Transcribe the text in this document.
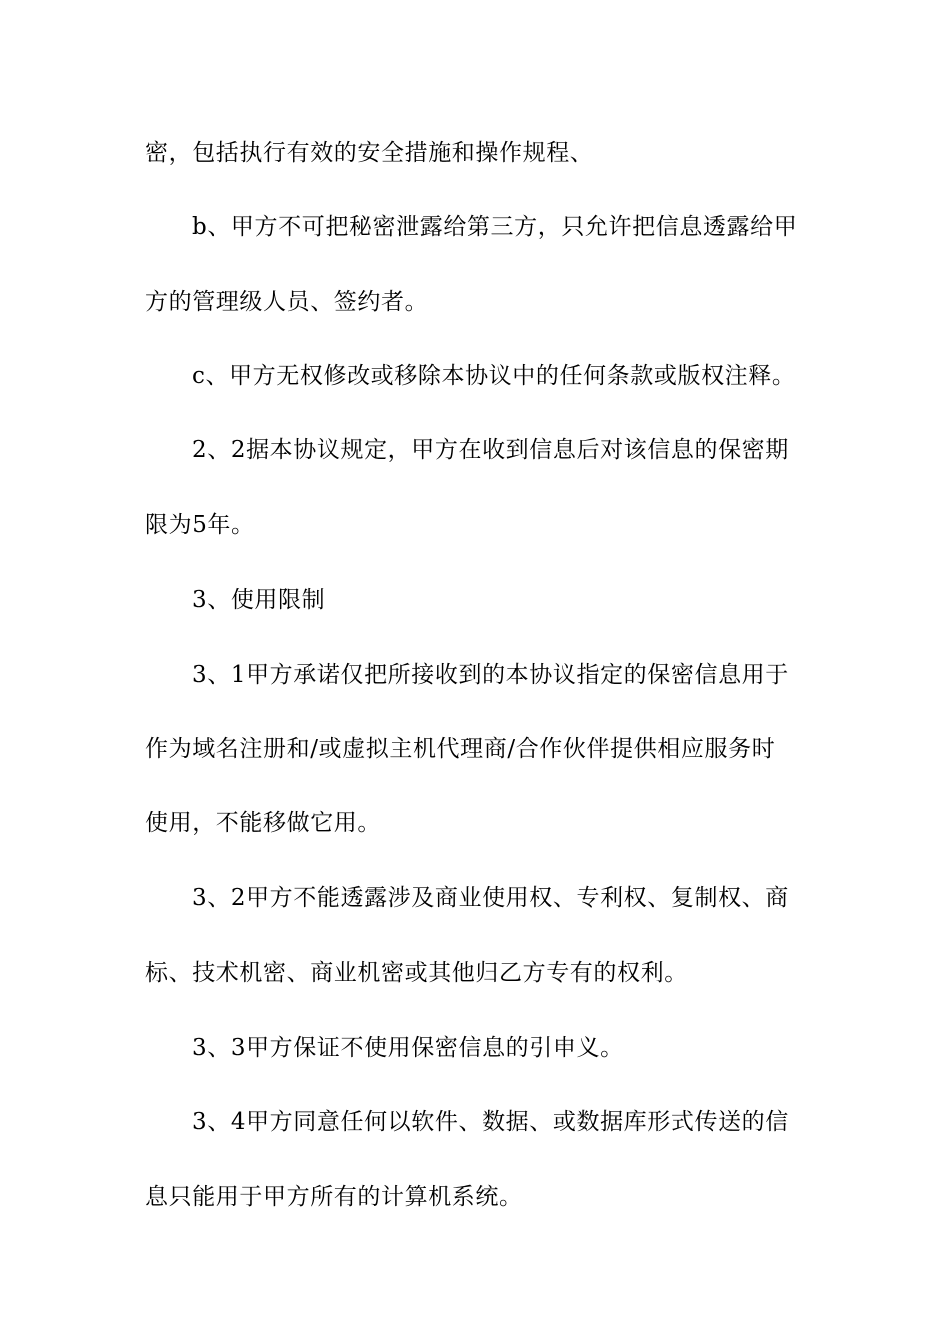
密，包括执行有效的安全措施和操作规程、
b、甲方不可把秘密泄露给第三方，只允许把信息透露给甲
方的管理级人员、签约者。
c、甲方无权修改或移除本协议中的任何条款或版权注释。
2、2据本协议规定，甲方在收到信息后对该信息的保密期
限为5年。
3、使用限制
3、1甲方承诺仅把所接收到的本协议指定的保密信息用于
作为域名注册和/或虚拟主机代理商/合作伙伴提供相应服务时
使用，不能移做它用。
3、2甲方不能透露涉及商业使用权、专利权、复制权、商
标、技术机密、商业机密或其他归乙方专有的权利。
3、3甲方保证不使用保密信息的引申义。
3、4甲方同意任何以软件、数据、或数据库形式传送的信
息只能用于甲方所有的计算机系统。
